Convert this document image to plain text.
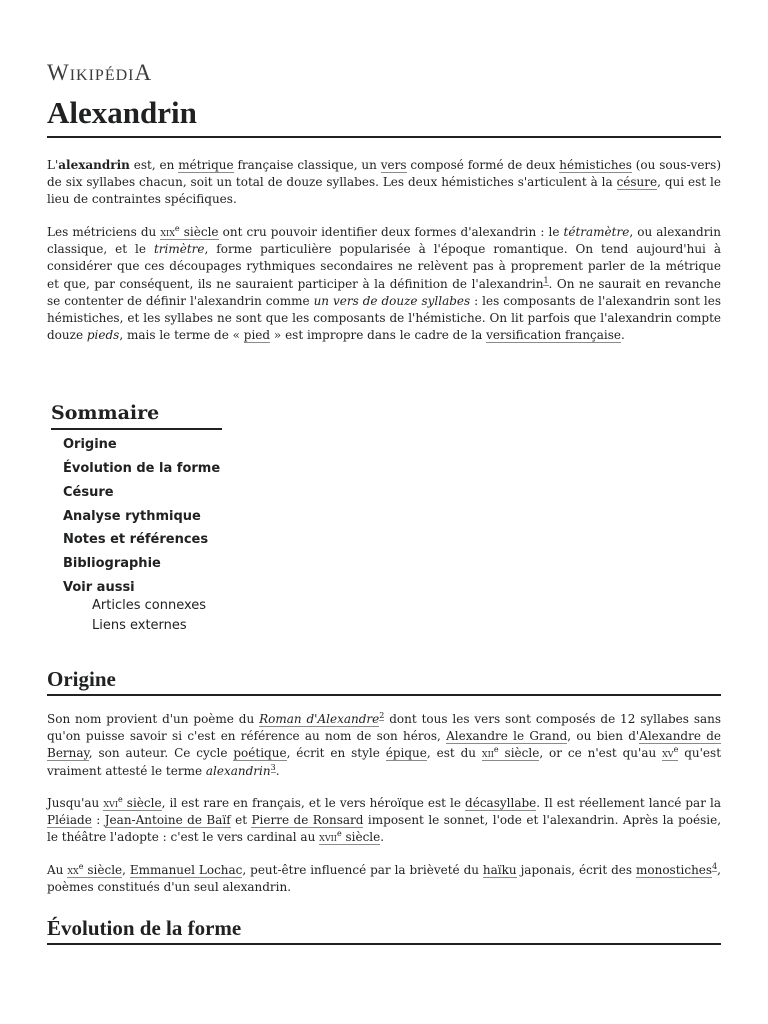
WIKIPÉDIA
Alexandrin

L'alexandrin est, en métrique française classique, un vers composé formé de deux hémistiches (ou sous-vers) de six syllabes chacun, soit un total de douze syllabes. Les deux hémistiches s'articulent à la césure, qui est le lieu de contraintes spécifiques.

Les métriciens du xix$^e$ siècle ont cru pouvoir identifier deux formes d'alexandrin : le tétramètre, ou alexandrin classique, et le trimètre, forme particulière popularisée à l'époque romantique. On tend aujourd'hui à considérer que ces découpages rythmiques secondaires ne relèvent pas à proprement parler de la métrique et que, par conséquent, ils ne sauraient participer à la définition de l'alexandrin$^1$. On ne saurait en revanche se contenter de définir l'alexandrin comme un vers de douze syllabes : les composants de l'alexandrin sont les hémistiches, et les syllabes ne sont que les composants de l'hémistiche. On lit parfois que l'alexandrin compte douze pieds, mais le terme de « pied » est impropre dans le cadre de la versification française.

Sommaire
Origine
Évolution de la forme
Césure
Analyse rythmique
Notes et références
Bibliographie
Voir aussi
Articles connexes
Liens externes
Origine

Son nom provient d'un poème du Roman d'Alexandre$^2$ dont tous les vers sont composés de 12 syllabes sans qu'on puisse savoir si c'est en référence au nom de son héros, Alexandre le Grand, ou bien d'Alexandre de Bernay, son auteur. Ce cycle poétique, écrit en style épique, est du xii$^e$ siècle, or ce n'est qu'au $xv^e$ qu'est vraiment attesté le terme alexandrin$^3$.

Jusqu'au xvi$^e$ siècle, il est rare en français, et le vers héroïque est le décasyllabe. Il est réellement lancé par la Pléiade : Jean-Antoine de Baïf et Pierre de Ronsard imposent le sonnet, l'ode et l'alexandrin. Après la poésie, le théâtre l'adopte : c'est le vers cardinal au xvii$^e$ siècle.

Au $xx^e$ siècle, Emmanuel Lochac, peut-être influencé par la brièveté du haïku japonais, écrit des monostiches$^4$, poèmes constitués d'un seul alexandrin.

Évolution de la forme
